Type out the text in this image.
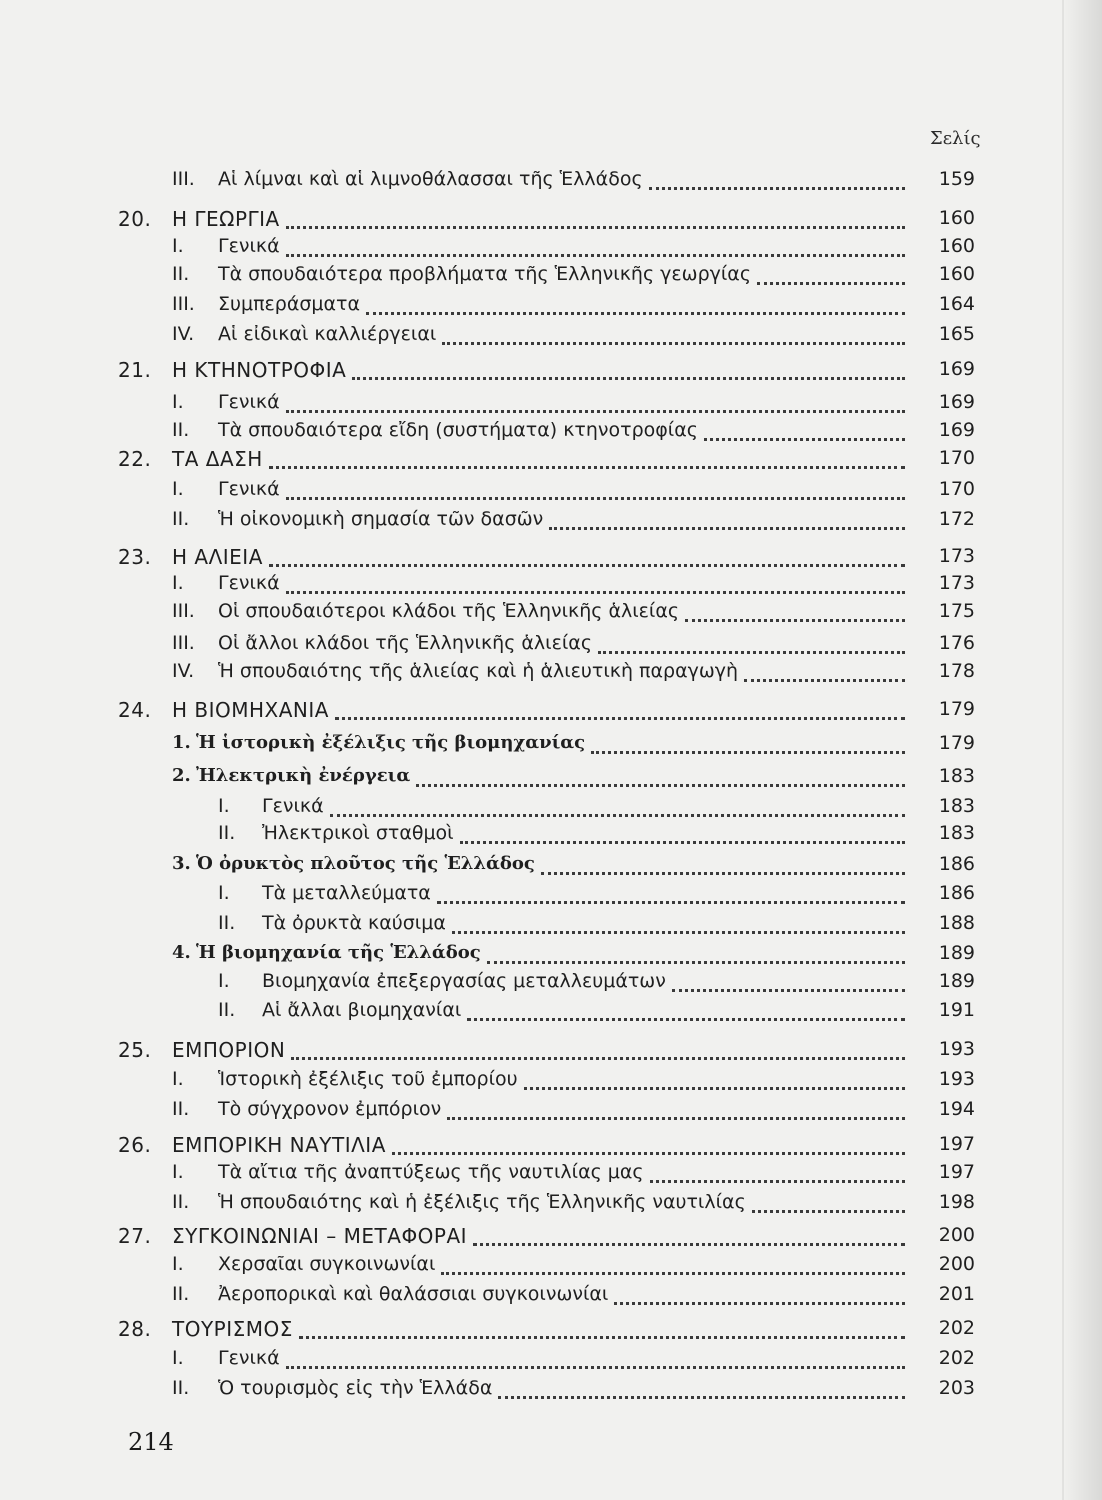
Σελίς
III.	Αἱ λίμναι καὶ αἱ λιμνοθάλασσαι τῆς Ἑλλάδος	159
20.	Η ΓΕΩΡΓΙΑ	160
I.	Γενικά	160
II.	Τὰ σπουδαιότερα προβλήματα τῆς Ἑλληνικῆς γεωργίας	160
III.	Συμπεράσματα	164
IV.	Αἱ εἰδικαὶ καλλιέργειαι	165
21.	Η ΚΤΗΝΟΤΡΟΦΙΑ	169
I.	Γενικά	169
II.	Τὰ σπουδαιότερα εἴδη (συστήματα) κτηνοτροφίας	169
22.	ΤΑ ΔΑΣΗ	170
I.	Γενικά	170
II.	Ἡ οἰκονομικὴ σημασία τῶν δασῶν	172
23.	Η ΑΛΙΕΙΑ	173
I.	Γενικά	173
III.	Οἱ σπουδαιότεροι κλάδοι τῆς Ἑλληνικῆς ἁλιείας	175
III.	Οἱ ἄλλοι κλάδοι τῆς Ἑλληνικῆς ἁλιείας	176
IV.	Ἡ σπουδαιότης τῆς ἁλιείας καὶ ἡ ἁλιευτικὴ παραγωγὴ	178
24.	Η ΒΙΟΜΗΧΑΝΙΑ	179
1. Ἡ ἱστορικὴ ἐξέλιξις τῆς βιομηχανίας	179
2. Ἠλεκτρικὴ ἐνέργεια	183
I.	Γενικά	183
II.	Ἠλεκτρικοὶ σταθμοὶ	183
3. Ὁ ὀρυκτὸς πλοῦτος τῆς Ἑλλάδος	186
I.	Τὰ μεταλλεύματα	186
II.	Τὰ ὀρυκτὰ καύσιμα	188
4. Ἡ βιομηχανία τῆς Ἑλλάδος	189
I.	Βιομηχανία ἐπεξεργασίας μεταλλευμάτων	189
II.	Αἱ ἄλλαι βιομηχανίαι	191
25.	ΕΜΠΟΡΙΟΝ	193
I.	Ἱστορικὴ ἐξέλιξις τοῦ ἐμπορίου	193
II.	Τὸ σύγχρονον ἐμπόριον	194
26.	ΕΜΠΟΡΙΚΗ ΝΑΥΤΙΛΙΑ	197
I.	Τὰ αἴτια τῆς ἀναπτύξεως τῆς ναυτιλίας μας	197
II.	Ἡ σπουδαιότης καὶ ἡ ἐξέλιξις τῆς Ἑλληνικῆς ναυτιλίας	198
27.	ΣΥΓΚΟΙΝΩΝΙΑΙ – ΜΕΤΑΦΟΡΑΙ	200
I.	Χερσαῖαι συγκοινωνίαι	200
II.	Ἀεροπορικαὶ καὶ θαλάσσιαι συγκοινωνίαι	201
28.	ΤΟΥΡΙΣΜΟΣ	202
I.	Γενικά	202
II.	Ὁ τουρισμὸς εἰς τὴν Ἑλλάδα	203
214
